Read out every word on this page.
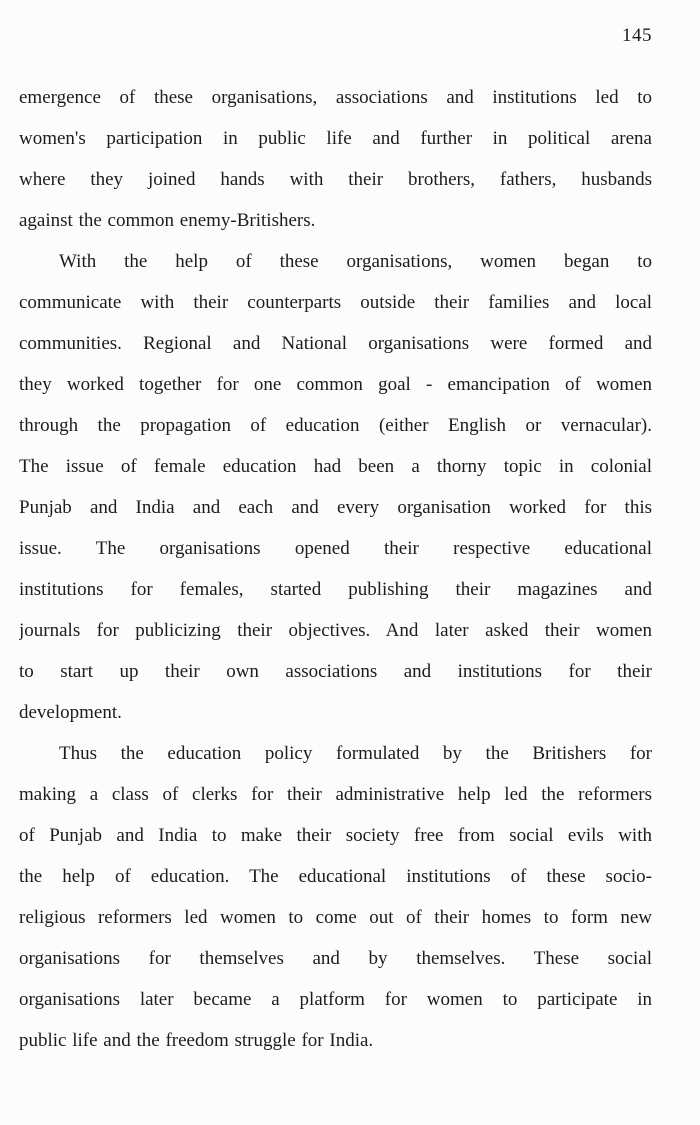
145
emergence of these organisations, associations and institutions led to
women's participation in public life and further in political arena
where they joined hands with their brothers, fathers, husbands
against the common enemy-Britishers.
With the help of these organisations, women began to
communicate with their counterparts outside their families and local
communities. Regional and National organisations were formed and
they worked together for one common goal - emancipation of women
through the propagation of education (either English or vernacular).
The issue of female education had been a thorny topic in colonial
Punjab and India and each and every organisation worked for this
issue. The organisations opened their respective educational
institutions for females, started publishing their magazines and
journals for publicizing their objectives. And later asked their women
to start up their own associations and institutions for their
development.
Thus the education policy formulated by the Britishers for
making a class of clerks for their administrative help led the reformers
of Punjab and India to make their society free from social evils with
the help of education. The educational institutions of these socio-
religious reformers led women to come out of their homes to form new
organisations for themselves and by themselves. These social
organisations later became a platform for women to participate in
public life and the freedom struggle for India.
